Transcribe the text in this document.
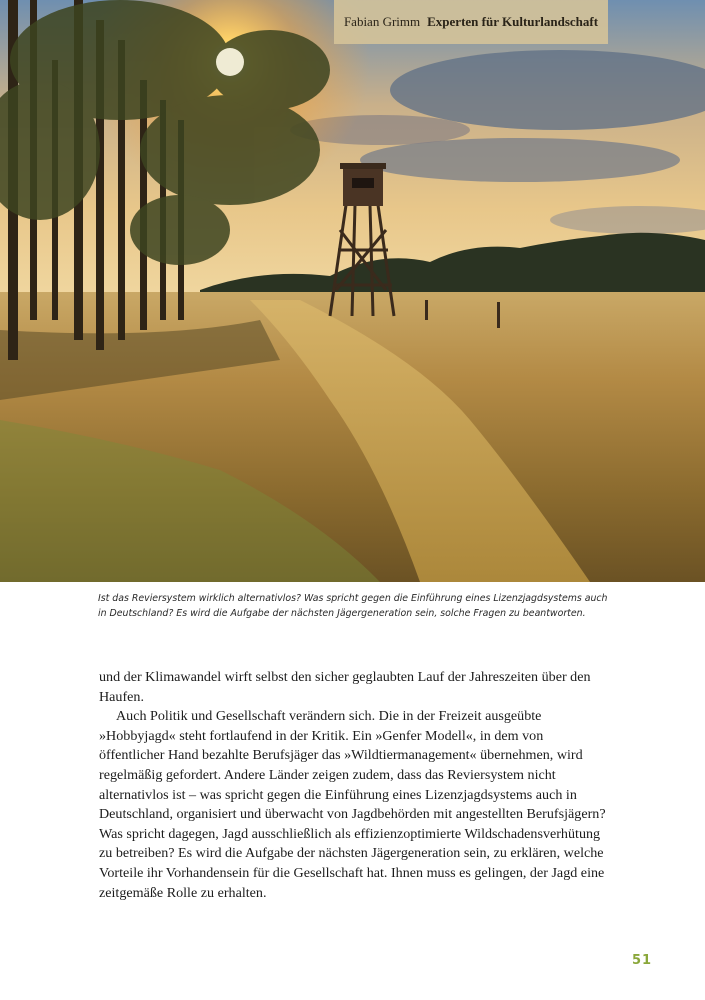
Fabian Grimm Experten für Kulturlandschaft

Ist das Reviersystem wirklich alternativlos? Was spricht gegen die Einführung eines Lizenzjagdsystems auch in Deutschland? Es wird die Aufgabe der nächsten Jägergeneration sein, solche Fragen zu beantworten.

und der Klimawandel wirft selbst den sicher geglaubten Lauf der Jahreszeiten über den Haufen.

Auch Politik und Gesellschaft verändern sich. Die in der Freizeit ausgeübte »Hobbyjagd« steht fortlaufend in der Kritik. Ein »Genfer Modell«, in dem von öffentlicher Hand bezahlte Berufsjäger das »Wildtiermanagement« übernehmen, wird regelmäßig gefordert. Andere Länder zeigen zudem, dass das Reviersystem nicht alternativlos ist – was spricht gegen die Einführung eines Lizenzjagdsystems auch in Deutschland, organisiert und überwacht von Jagdbehörden mit angestellten Berufsjägern? Was spricht dagegen, Jagd ausschließlich als effizienzoptimierte Wildschadensverhütung zu betreiben? Es wird die Aufgabe der nächsten Jägergeneration sein, zu erklären, welche Vorteile ihr Vorhandensein für die Gesellschaft hat. Ihnen muss es gelingen, der Jagd eine zeitgemäße Rolle zu erhalten.

51
